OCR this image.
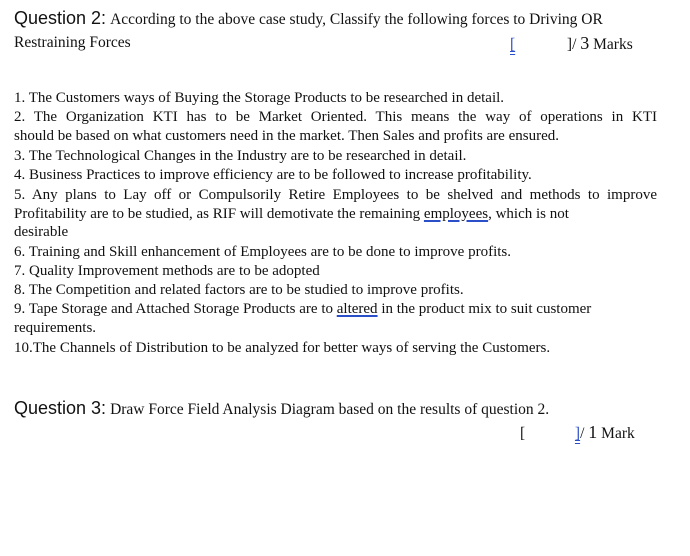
Question 2: According to the above case study, Classify the following forces to Driving OR
Restraining Forces	[	]/ 3 Marks
1. The Customers ways of Buying the Storage Products to be researched in detail.
2. The Organization KTI has to be Market Oriented. This means the way of operations in KTI
should be based on what customers need in the market. Then Sales and profits are ensured.
3. The Technological Changes in the Industry are to be researched in detail.
4. Business Practices to improve efficiency are to be followed to increase profitability.
5. Any plans to Lay off or Compulsorily Retire Employees to be shelved and methods to improve
Profitability are to be studied, as RIF will demotivate the remaining employees, which is not
desirable
6. Training and Skill enhancement of Employees are to be done to improve profits.
7. Quality Improvement methods are to be adopted
8. The Competition and related factors are to be studied to improve profits.
9. Tape Storage and Attached Storage Products are to altered in the product mix to suit customer
requirements.
10.The Channels of Distribution to be analyzed for better ways of serving the Customers.
Question 3: Draw Force Field Analysis Diagram based on the results of question 2.
[	]/ 1 Mark
